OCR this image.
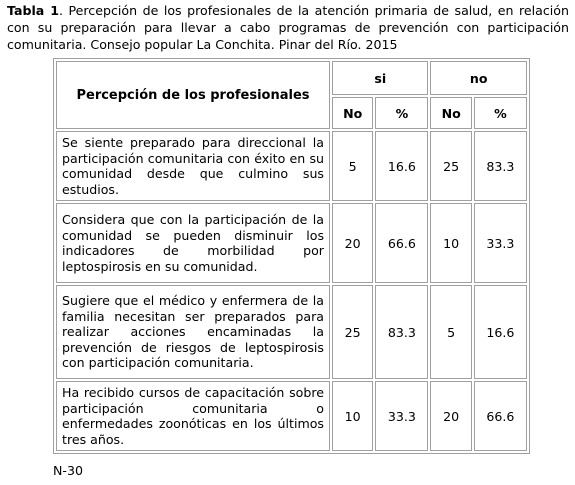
Tabla 1. Percepción de los profesionales de la atención primaria de salud, en relación con su preparación para llevar a cabo programas de prevención con participación comunitaria. Consejo popular La Conchita. Pinar del Río. 2015
Percepción de los profesionales	si		no	
	No	%	No	%
Se siente preparado para direccional la participación comunitaria con éxito en su comunidad desde que culmino sus estudios.	5	16.6	25	83.3
Considera que con la participación de la comunidad se pueden disminuir los indicadores de morbilidad por leptospirosis en su comunidad.	20	66.6	10	33.3
Sugiere que el médico y enfermera de la familia necesitan ser preparados para realizar acciones encaminadas la prevención de riesgos de leptospirosis con participación comunitaria.	25	83.3	5	16.6
Ha recibido cursos de capacitación sobre participación comunitaria o enfermedades zoonóticas en los últimos tres años.	10	33.3	20	66.6
N-30
